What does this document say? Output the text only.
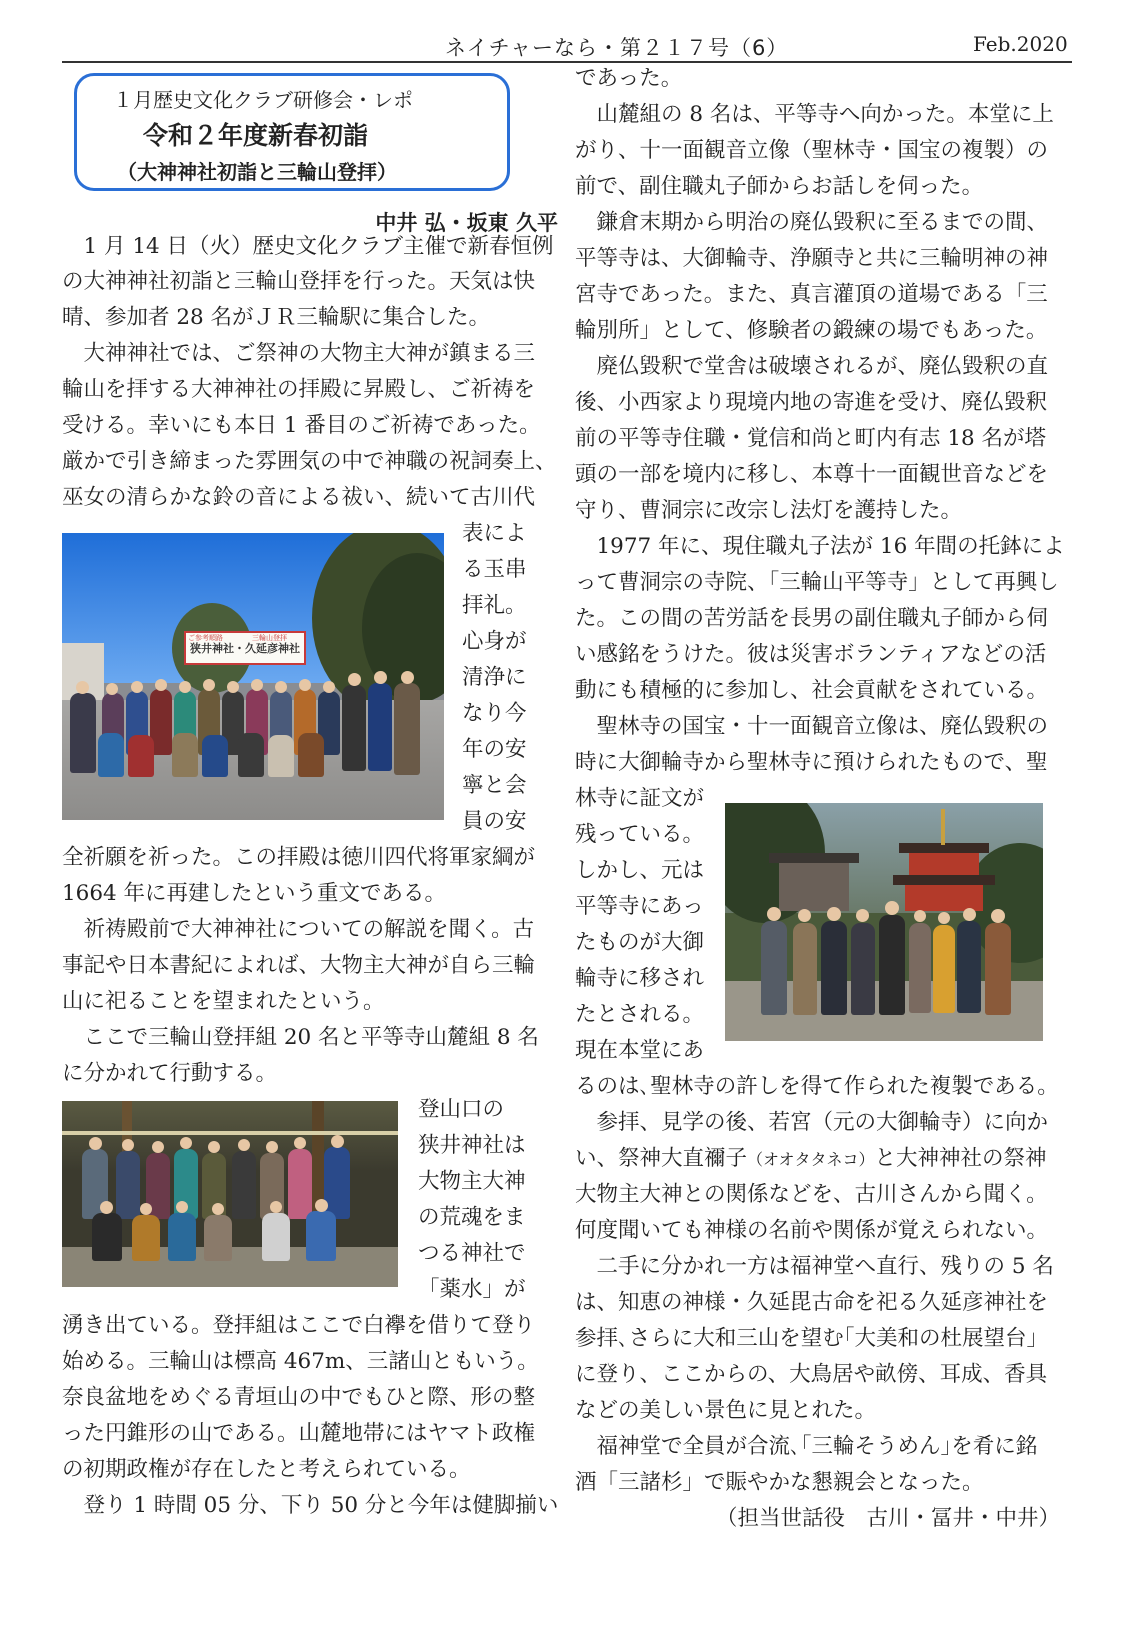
ネイチャーなら・第２１７号（6）	Feb.2020
１月歴史文化クラブ研修会・レポ
令和２年度新春初詣
（大神神社初詣と三輪山登拝）
中井 弘・坂東 久平
　1 月 14 日（火）歴史文化クラブ主催で新春恒例
の大神神社初詣と三輪山登拝を行った。天気は快
晴、参加者 28 名がＪＲ三輪駅に集合した。
　大神神社では、ご祭神の大物主大神が鎮まる三
輪山を拝する大神神社の拝殿に昇殿し、ご祈祷を
受ける。幸いにも本日 1 番目のご祈祷であった。
厳かで引き締まった雰囲気の中で神職の祝詞奏上、
巫女の清らかな鈴の音による祓い、続いて古川代
表によ
る玉串
拝礼。
心身が
清浄に
なり今
年の安
寧と会
員の安
全祈願を祈った。この拝殿は徳川四代将軍家綱が
1664 年に再建したという重文である。
　祈祷殿前で大神神社についての解説を聞く。古
事記や日本書紀によれば、大物主大神が自ら三輪
山に祀ることを望まれたという。
　ここで三輪山登拝組 20 名と平等寺山麓組 8 名
に分かれて行動する。
登山口の
狭井神社は
大物主大神
の荒魂をま
つる神社で
「薬水」が
湧き出ている。登拝組はここで白襷を借りて登り
始める。三輪山は標高 467m、三諸山ともいう。
奈良盆地をめぐる青垣山の中でもひと際、形の整
った円錐形の山である。山麓地帯にはヤマト政権
の初期政権が存在したと考えられている。
　登り 1 時間 05 分、下り 50 分と今年は健脚揃い
であった。
　山麓組の 8 名は、平等寺へ向かった。本堂に上
がり、十一面観音立像（聖林寺・国宝の複製）の
前で、副住職丸子師からお話しを伺った。
　鎌倉末期から明治の廃仏毀釈に至るまでの間、
平等寺は、大御輪寺、浄願寺と共に三輪明神の神
宮寺であった。また、真言灌頂の道場である「三
輪別所」として、修験者の鍛練の場でもあった。
　廃仏毀釈で堂舎は破壊されるが、廃仏毀釈の直
後、小西家より現境内地の寄進を受け、廃仏毀釈
前の平等寺住職・覚信和尚と町内有志 18 名が塔
頭の一部を境内に移し、本尊十一面観世音などを
守り、曹洞宗に改宗し法灯を護持した。
　1977 年に、現住職丸子法が 16 年間の托鉢によ
って曹洞宗の寺院、「三輪山平等寺」として再興し
た。この間の苦労話を長男の副住職丸子師から伺
い感銘をうけた。彼は災害ボランティアなどの活
動にも積極的に参加し、社会貢献をされている。
　聖林寺の国宝・十一面観音立像は、廃仏毀釈の
時に大御輪寺から聖林寺に預けられたもので、聖
林寺に証文が
残っている。
しかし、元は
平等寺にあっ
たものが大御
輪寺に移され
たとされる。
現在本堂にあ
るのは､聖林寺の許しを得て作られた複製である｡
　参拝、見学の後、若宮（元の大御輪寺）に向か
い、祭神大直禰子（オオタタネコ）と大神神社の祭神
大物主大神との関係などを、古川さんから聞く。
何度聞いても神様の名前や関係が覚えられない。
　二手に分かれ一方は福神堂へ直行、残りの 5 名
は、知恵の神様・久延毘古命を祀る久延彦神社を
参拝､さらに大和三山を望む｢大美和の杜展望台｣
に登り、ここからの、大鳥居や畝傍、耳成、香具
などの美しい景色に見とれた。
　福神堂で全員が合流､｢三輪そうめん｣を肴に銘
酒「三諸杉」で賑やかな懇親会となった。
（担当世話役　古川・冨井・中井）
狭井神社・久延彦神社
ご参考順路	三輪山登拝
